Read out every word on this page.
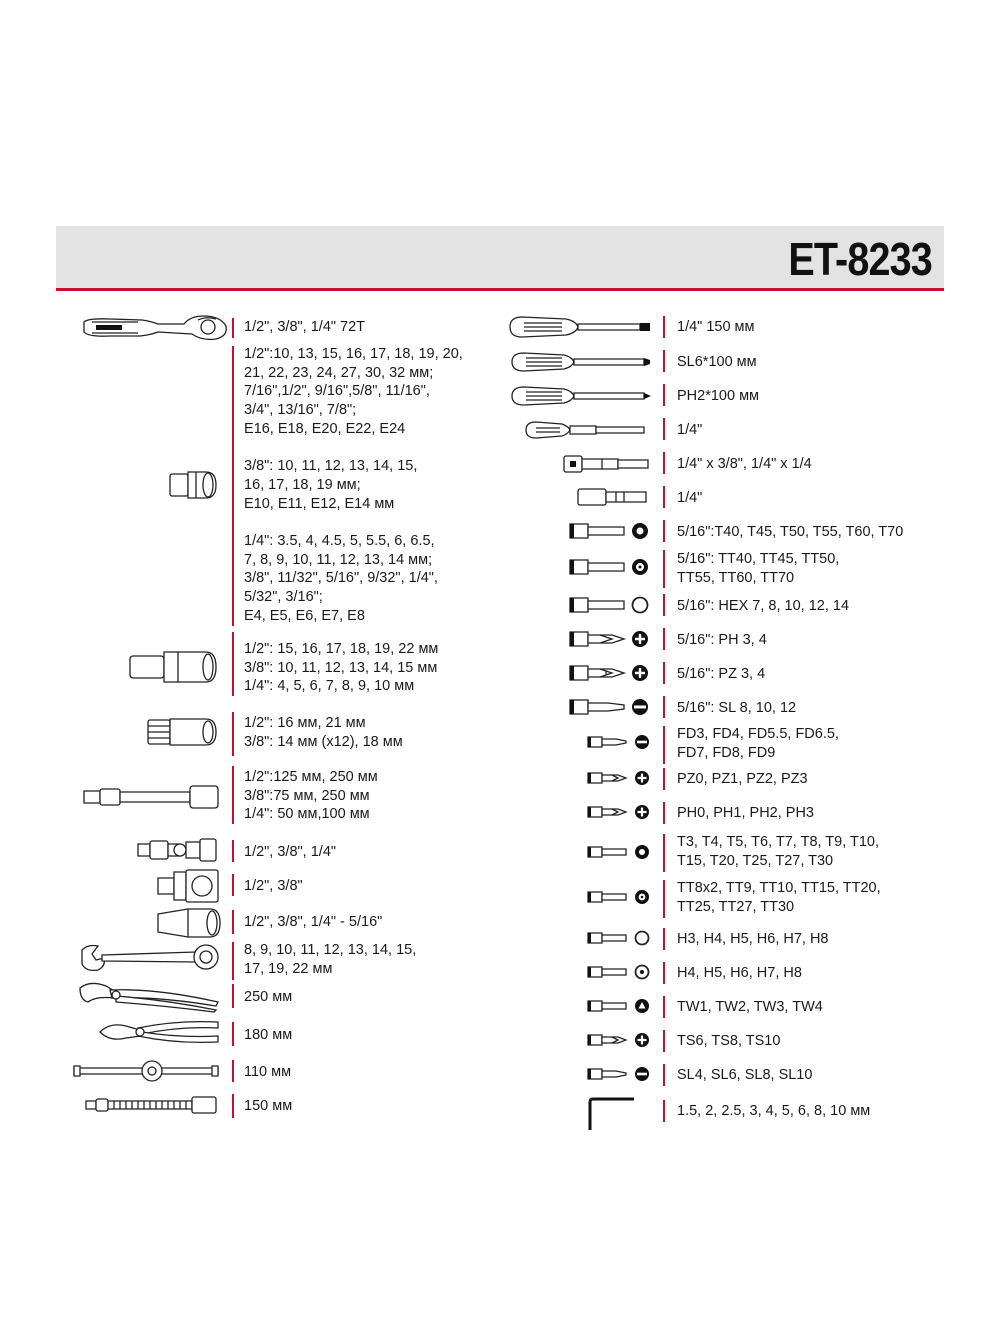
ET-8233
1/2", 3/8", 1/4" 72T
1/2":10, 13, 15, 16, 17, 18, 19, 20,
21, 22, 23, 24, 27, 30, 32 мм;
7/16",1/2", 9/16",5/8", 11/16",
3/4", 13/16", 7/8";
E16, E18, E20, E22, E24
3/8": 10, 11, 12, 13, 14, 15,
16, 17, 18, 19 мм;
E10, E11, E12, E14 мм
1/4": 3.5, 4, 4.5, 5, 5.5, 6, 6.5,
7, 8, 9, 10, 11, 12, 13, 14 мм;
3/8", 11/32", 5/16", 9/32", 1/4",
5/32", 3/16";
E4, E5, E6, E7, E8
1/2": 15, 16, 17, 18, 19, 22 мм
3/8": 10, 11, 12, 13, 14, 15 мм
1/4": 4, 5, 6, 7, 8, 9, 10 мм
1/2": 16 мм, 21 мм
3/8": 14 мм (x12), 18 мм
1/2":125 мм, 250 мм
3/8":75 мм, 250 мм
1/4": 50 мм,100 мм
1/2", 3/8", 1/4"
1/2", 3/8"
1/2", 3/8", 1/4" - 5/16"
8, 9, 10, 11, 12, 13, 14, 15,
17, 19, 22 мм
250 мм
180 мм
110 мм
150 мм
1/4" 150 мм
SL6*100 мм
PH2*100 мм
1/4"
1/4" x 3/8", 1/4" x 1/4
1/4"
5/16":T40, T45, T50, T55, T60, T70
5/16": TT40, TT45, TT50,
TT55, TT60, TT70
5/16": HEX 7, 8, 10, 12, 14
5/16": PH 3, 4
5/16": PZ 3, 4
5/16": SL 8, 10, 12
FD3, FD4, FD5.5, FD6.5,
FD7, FD8, FD9
PZ0, PZ1, PZ2, PZ3
PH0, PH1, PH2, PH3
T3, T4, T5, T6, T7, T8, T9, T10,
T15, T20, T25, T27, T30
TT8x2, TT9, TT10, TT15, TT20,
TT25, TT27, TT30
H3, H4, H5, H6, H7, H8
H4, H5, H6, H7, H8
TW1, TW2, TW3, TW4
TS6, TS8, TS10
SL4, SL6, SL8, SL10
1.5, 2, 2.5, 3, 4, 5, 6, 8, 10 мм
